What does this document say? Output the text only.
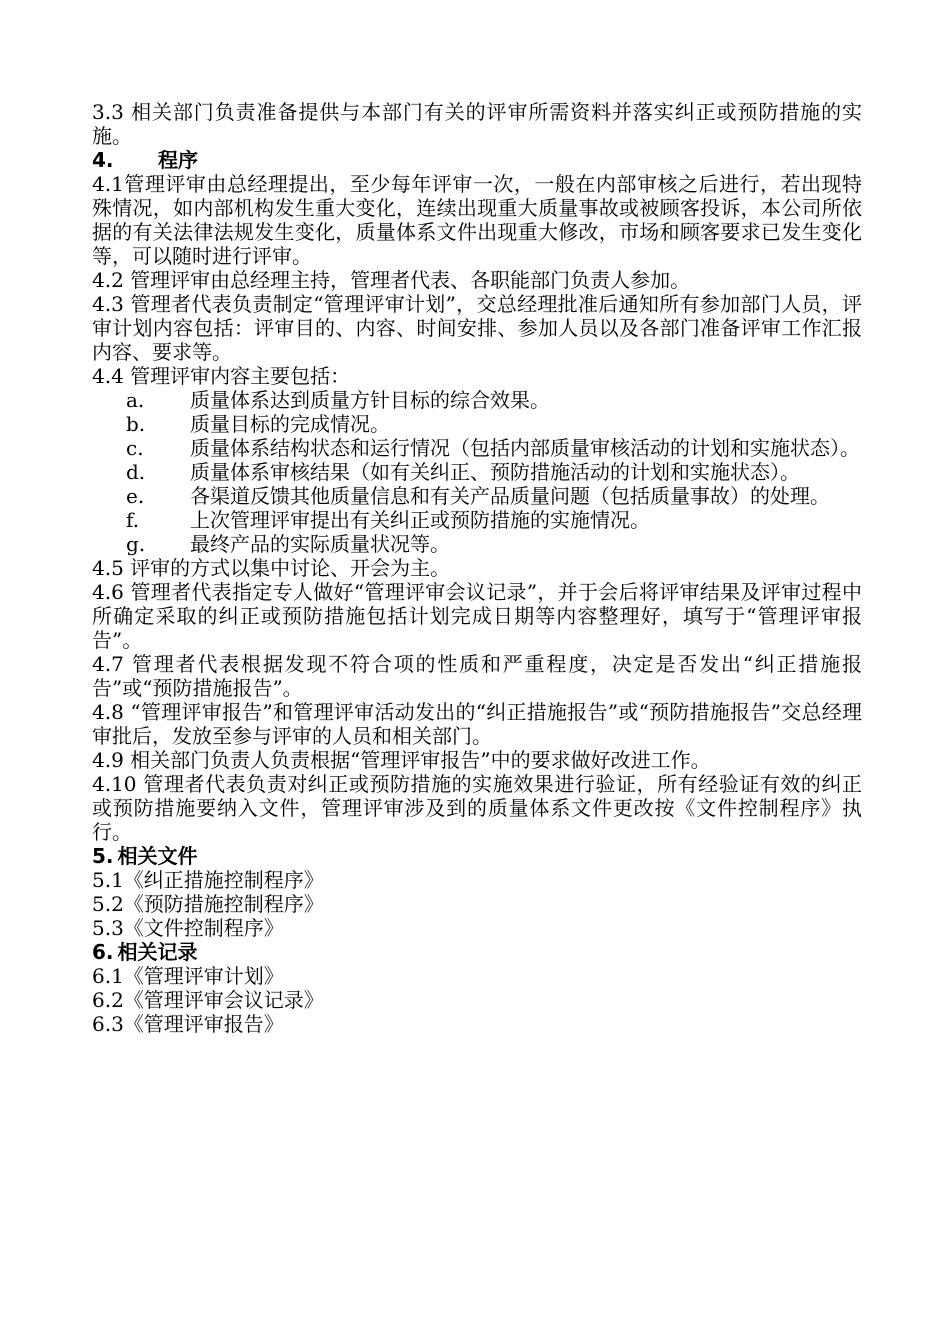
3.3 相关部门负责准备提供与本部门有关的评审所需资料并落实纠正或预防措施的实施。

4.	程序

4.1管理评审由总经理提出，至少每年评审一次，一般在内部审核之后进行，若出现特殊情况，如内部机构发生重大变化，连续出现重大质量事故或被顾客投诉，本公司所依据的有关法律法规发生变化，质量体系文件出现重大修改，市场和顾客要求已发生变化等，可以随时进行评审。

4.2 管理评审由总经理主持，管理者代表、各职能部门负责人参加。

4.3 管理者代表负责制定“管理评审计划”，交总经理批准后通知所有参加部门人员，评审计划内容包括：评审目的、内容、时间安排、参加人员以及各部门准备评审工作汇报内容、要求等。

4.4 管理评审内容主要包括：

a.	质量体系达到质量方针目标的综合效果。
b.	质量目标的完成情况。
c.	质量体系结构状态和运行情况（包括内部质量审核活动的计划和实施状态）。
d.	质量体系审核结果（如有关纠正、预防措施活动的计划和实施状态）。
e.	各渠道反馈其他质量信息和有关产品质量问题（包括质量事故）的处理。
f.	上次管理评审提出有关纠正或预防措施的实施情况。
g.	最终产品的实际质量状况等。

4.5 评审的方式以集中讨论、开会为主。

4.6 管理者代表指定专人做好“管理评审会议记录”，并于会后将评审结果及评审过程中所确定采取的纠正或预防措施包括计划完成日期等内容整理好，填写于“管理评审报告”。

4.7 管理者代表根据发现不符合项的性质和严重程度，决定是否发出“纠正措施报告”或“预防措施报告”。

4.8 “管理评审报告”和管理评审活动发出的“纠正措施报告”或“预防措施报告”交总经理审批后，发放至参与评审的人员和相关部门。

4.9 相关部门负责人负责根据“管理评审报告”中的要求做好改进工作。

4.10 管理者代表负责对纠正或预防措施的实施效果进行验证，所有经验证有效的纠正或预防措施要纳入文件，管理评审涉及到的质量体系文件更改按《文件控制程序》执行。

5. 相关文件

5.1《纠正措施控制程序》

5.2《预防措施控制程序》

5.3《文件控制程序》

6. 相关记录

6.1《管理评审计划》

6.2《管理评审会议记录》

6.3《管理评审报告》
